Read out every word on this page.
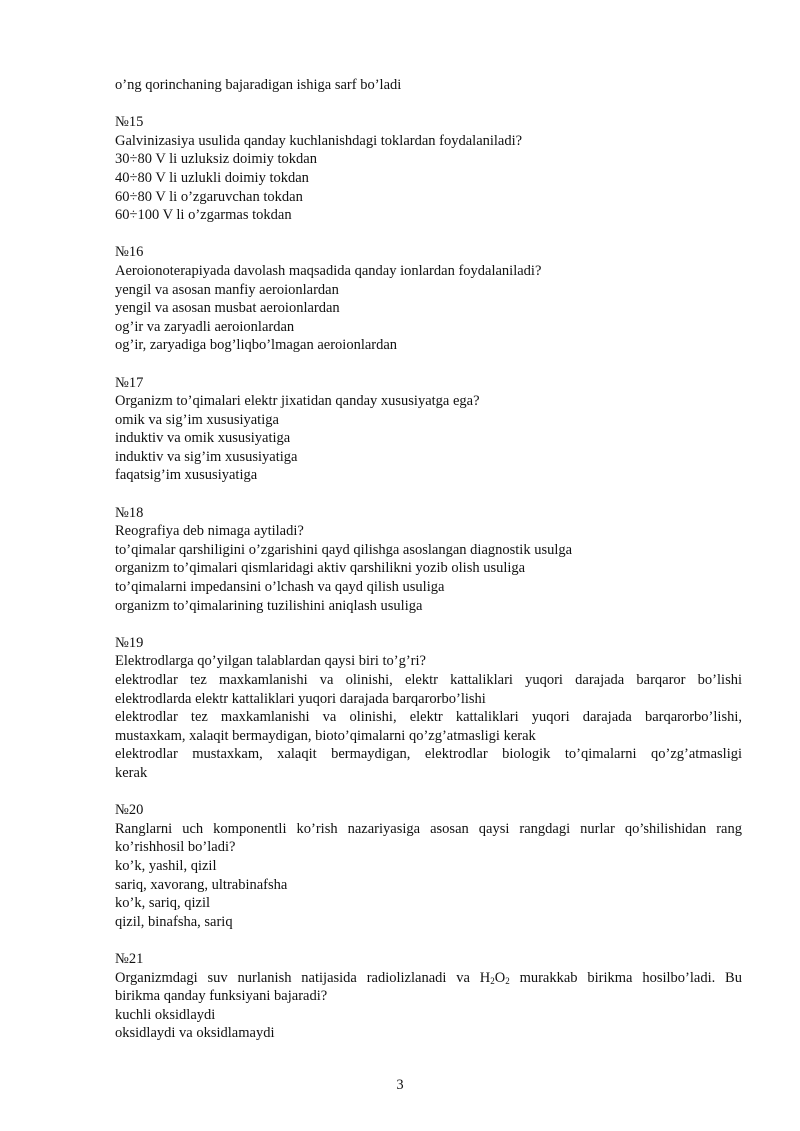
o’ng qorinchaning bajaradigan ishiga sarf bo’ladi
№15
Galvinizasiya usulida qanday kuchlanishdagi toklardan foydalaniladi?
30÷80 V li uzluksiz doimiy tokdan
40÷80 V li uzlukli doimiy tokdan
60÷80 V li o’zgaruvchan tokdan
60÷100 V li o’zgarmas tokdan
№16
Aeroionoterapiyada davolash maqsadida qanday ionlardan foydalaniladi?
yengil va asosan manfiy aeroionlardan
yengil va asosan musbat aeroionlardan
og’ir va zaryadli aeroionlardan
og’ir, zaryadiga bog’liqbo’lmagan aeroionlardan
№17
Organizm to’qimalari elektr jixatidan qanday xususiyatga ega?
omik va sig’im xususiyatiga
induktiv va omik xususiyatiga
induktiv va sig’im xususiyatiga
faqatsig’im xususiyatiga
№18
Reografiya deb nimaga aytiladi?
to’qimalar qarshiligini o’zgarishini qayd qilishga asoslangan diagnostik usulga
organizm to’qimalari qismlaridagi aktiv qarshilikni yozib olish usuliga
to’qimalarni impedansini o’lchash va qayd qilish usuliga
organizm to’qimalarining tuzilishini aniqlash usuliga
№19
Elektrodlarga qo’yilgan talablardan qaysi biri to’g’ri?
elektrodlar tez maxkamlanishi va olinishi, elektr kattaliklari yuqori darajada barqaror bo’lishi
elektrodlarda elektr kattaliklari yuqori darajada barqarorbo’lishi
elektrodlar tez maxkamlanishi va olinishi, elektr kattaliklari yuqori darajada barqarorbo’lishi,
mustaxkam, xalaqit bermaydigan, bioto’qimalarni qo’zg’atmasligi kerak
elektrodlar mustaxkam, xalaqit bermaydigan, elektrodlar biologik to’qimalarni qo’zg’atmasligi
kerak
№20
Ranglarni uch komponentli ko’rish nazariyasiga asosan qaysi rangdagi nurlar qo’shilishidan rang
ko’rishhosil bo’ladi?
ko’k, yashil, qizil
sariq, xavorang, ultrabinafsha
ko’k, sariq, qizil
qizil, binafsha, sariq
№21
Organizmdagi suv nurlanish natijasida radiolizlanadi va $H_2O_2$ murakkab birikma hosilbo’ladi. Bu
birikma qanday funksiyani bajaradi?
kuchli oksidlaydi
oksidlaydi va oksidlamaydi
3
